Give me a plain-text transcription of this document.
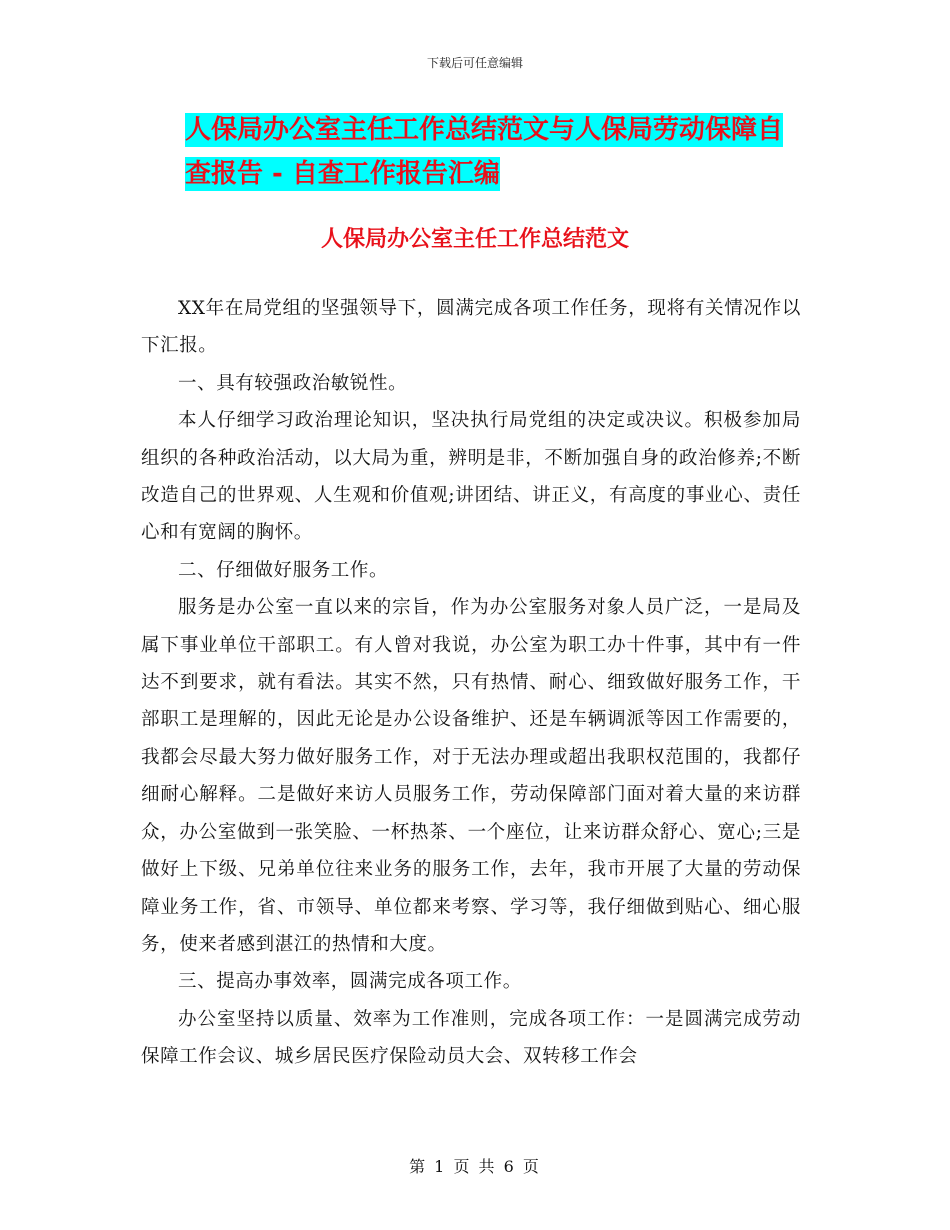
下载后可任意编辑
人保局办公室主任工作总结范文与人保局劳动保障自
查报告 - 自查工作报告汇编
人保局办公室主任工作总结范文

XX年在局党组的坚强领导下，圆满完成各项工作任务，现将有关情况作以下汇报。

一、具有较强政治敏锐性。

本人仔细学习政治理论知识，坚决执行局党组的决定或决议。积极参加局组织的各种政治活动，以大局为重，辨明是非，不断加强自身的政治修养;不断改造自己的世界观、人生观和价值观;讲团结、讲正义，有高度的事业心、责任心和有宽阔的胸怀。

二、仔细做好服务工作。

服务是办公室一直以来的宗旨，作为办公室服务对象人员广泛，一是局及属下事业单位干部职工。有人曾对我说，办公室为职工办十件事，其中有一件达不到要求，就有看法。其实不然，只有热情、耐心、细致做好服务工作，干部职工是理解的，因此无论是办公设备维护、还是车辆调派等因工作需要的，我都会尽最大努力做好服务工作，对于无法办理或超出我职权范围的，我都仔细耐心解释。二是做好来访人员服务工作，劳动保障部门面对着大量的来访群众，办公室做到一张笑脸、一杯热茶、一个座位，让来访群众舒心、宽心;三是做好上下级、兄弟单位往来业务的服务工作，去年，我市开展了大量的劳动保障业务工作，省、市领导、单位都来考察、学习等，我仔细做到贴心、细心服务，使来者感到湛江的热情和大度。

三、提高办事效率，圆满完成各项工作。

办公室坚持以质量、效率为工作准则，完成各项工作：一是圆满完成劳动保障工作会议、城乡居民医疗保险动员大会、双转移工作会

第 1 页 共 6 页
